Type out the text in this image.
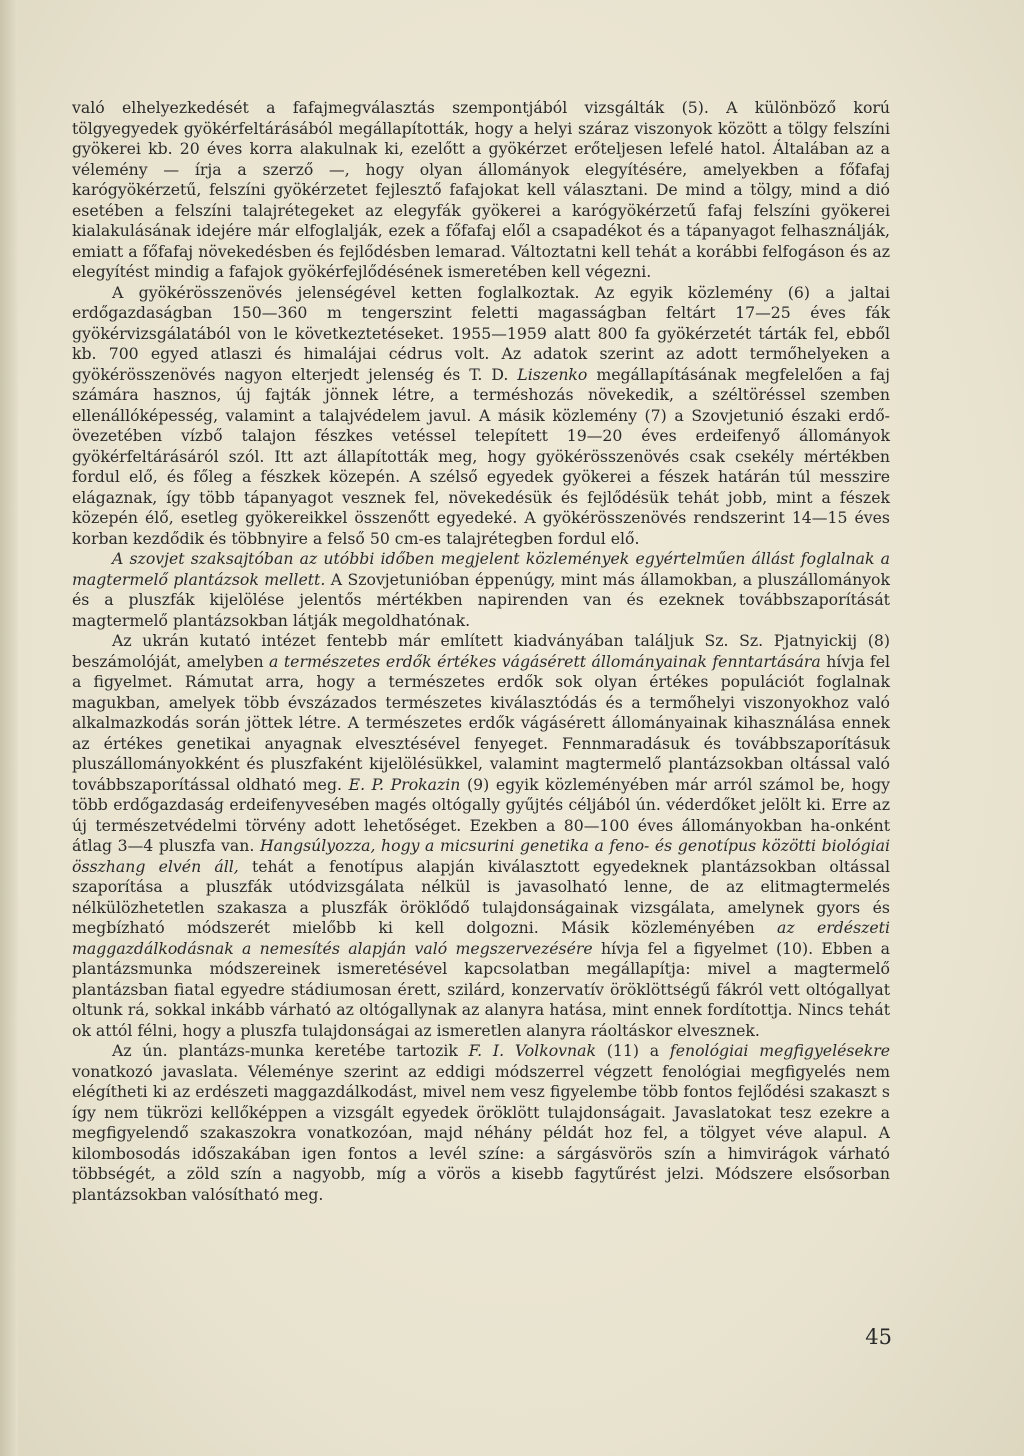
való elhelyezkedését a fafajmegválasztás szempontjából vizsgálták (5). A különböző korú tölgyegyedek gyökérfeltárásából megállapították, hogy a helyi száraz viszonyok között a tölgy felszíni gyökerei kb. 20 éves korra alakulnak ki, ezelőtt a gyökérzet erőteljesen lefelé hatol. Általában az a vélemény — írja a szerző —, hogy olyan állományok elegyítésére, amelyekben a főfafaj karógyökérzetű, felszíni gyökérzetet fejlesztő fafajokat kell választani. De mind a tölgy, mind a dió esetében a felszíni talajrétegeket az elegyfák gyökerei a karógyökérzetű fafaj felszíni gyökerei kialakulásának idejére már elfoglalják, ezek a főfafaj elől a csapadékot és a tápanyagot felhasználják, emiatt a főfafaj növekedésben és fejlődésben lemarad. Változtatni kell tehát a korábbi felfogáson és az elegyítést mindig a fafajok gyökérfejlődésének ismeretében kell végezni.

A gyökérösszenövés jelenségével ketten foglalkoztak. Az egyik közlemény (6) a jaltai erdőgazdaságban 150—360 m tengerszint feletti magasságban feltárt 17—25 éves fák gyökérvizsgálatából von le következtetéseket. 1955—1959 alatt 800 fa gyökérzetét tárták fel, ebből kb. 700 egyed atlaszi és himalájai cédrus volt. Az adatok szerint az adott termőhelyeken a gyökérösszenövés nagyon elterjedt jelenség és T. D. Liszenko megállapításának megfelelően a faj számára hasznos, új fajták jönnek létre, a terméshozás növekedik, a széltöréssel szemben ellenállóképesség, valamint a talajvédelem javul. A másik közlemény (7) a Szovjetunió északi erdő-övezetében vízbő talajon fészkes vetéssel telepített 19—20 éves erdeifenyő állományok gyökérfeltárásáról szól. Itt azt állapították meg, hogy gyökérösszenövés csak csekély mértékben fordul elő, és főleg a fészkek közepén. A szélső egyedek gyökerei a fészek határán túl messzire elágaznak, így több tápanyagot vesznek fel, növekedésük és fejlődésük tehát jobb, mint a fészek közepén élő, esetleg gyökereikkel összenőtt egyedeké. A gyökérösszenövés rendszerint 14—15 éves korban kezdődik és többnyire a felső 50 cm-es talajrétegben fordul elő.

A szovjet szaksajtóban az utóbbi időben megjelent közlemények egyértelműen állást foglalnak a magtermelő plantázsok mellett. A Szovjetunióban éppenúgy, mint más államokban, a pluszállományok és a pluszfák kijelölése jelentős mértékben napirenden van és ezeknek továbbszaporítását magtermelő plantázsokban látják megoldhatónak.

Az ukrán kutató intézet fentebb már említett kiadványában találjuk Sz. Sz. Pjatnyickij (8) beszámolóját, amelyben a természetes erdők értékes vágásérett állományainak fenntartására hívja fel a figyelmet. Rámutat arra, hogy a természetes erdők sok olyan értékes populációt foglalnak magukban, amelyek több évszázados természetes kiválasztódás és a termőhelyi viszonyokhoz való alkalmazkodás során jöttek létre. A természetes erdők vágásérett állományainak kihasználása ennek az értékes genetikai anyagnak elvesztésével fenyeget. Fennmaradásuk és továbbszaporításuk pluszállományokként és pluszfaként kijelölésükkel, valamint magtermelő plantázsokban oltással való továbbszaporítással oldható meg. E. P. Prokazin (9) egyik közleményében már arról számol be, hogy több erdőgazdaság erdeifenyvesében magés oltógally gyűjtés céljából ún. véderdőket jelölt ki. Erre az új természetvédelmi törvény adott lehetőséget. Ezekben a 80—100 éves állományokban ha-onként átlag 3—4 pluszfa van. Hangsúlyozza, hogy a micsurini genetika a feno- és genotípus közötti biológiai összhang elvén áll, tehát a fenotípus alapján kiválasztott egyedeknek plantázsokban oltással szaporítása a pluszfák utódvizsgálata nélkül is javasolható lenne, de az elitmagtermelés nélkülözhetetlen szakasza a pluszfák öröklődő tulajdonságainak vizsgálata, amelynek gyors és megbízható módszerét mielőbb ki kell dolgozni. Másik közleményében az erdészeti maggazdálkodásnak a nemesítés alapján való megszervezésére hívja fel a figyelmet (10). Ebben a plantázsmunka módszereinek ismeretésével kapcsolatban megállapítja: mivel a magtermelő plantázsban fiatal egyedre stádiumosan érett, szilárd, konzervatív öröklöttségű fákról vett oltógallyat oltunk rá, sokkal inkább várható az oltógallynak az alanyra hatása, mint ennek fordítottja. Nincs tehát ok attól félni, hogy a pluszfa tulajdonságai az ismeretlen alanyra ráoltáskor elvesznek.

Az ún. plantázs-munka keretébe tartozik F. I. Volkovnak (11) a fenológiai megfigyelésekre vonatkozó javaslata. Véleménye szerint az eddigi módszerrel végzett fenológiai megfigyelés nem elégítheti ki az erdészeti maggazdálkodást, mivel nem vesz figyelembe több fontos fejlődési szakaszt s így nem tükrözi kellőképpen a vizsgált egyedek öröklött tulajdonságait. Javaslatokat tesz ezekre a megfigyelendő szakaszokra vonatkozóan, majd néhány példát hoz fel, a tölgyet véve alapul. A kilombosodás időszakában igen fontos a levél színe: a sárgásvörös szín a himvirágok várható többségét, a zöld szín a nagyobb, míg a vörös a kisebb fagytűrést jelzi. Módszere elsősorban plantázsokban valósítható meg.

45
